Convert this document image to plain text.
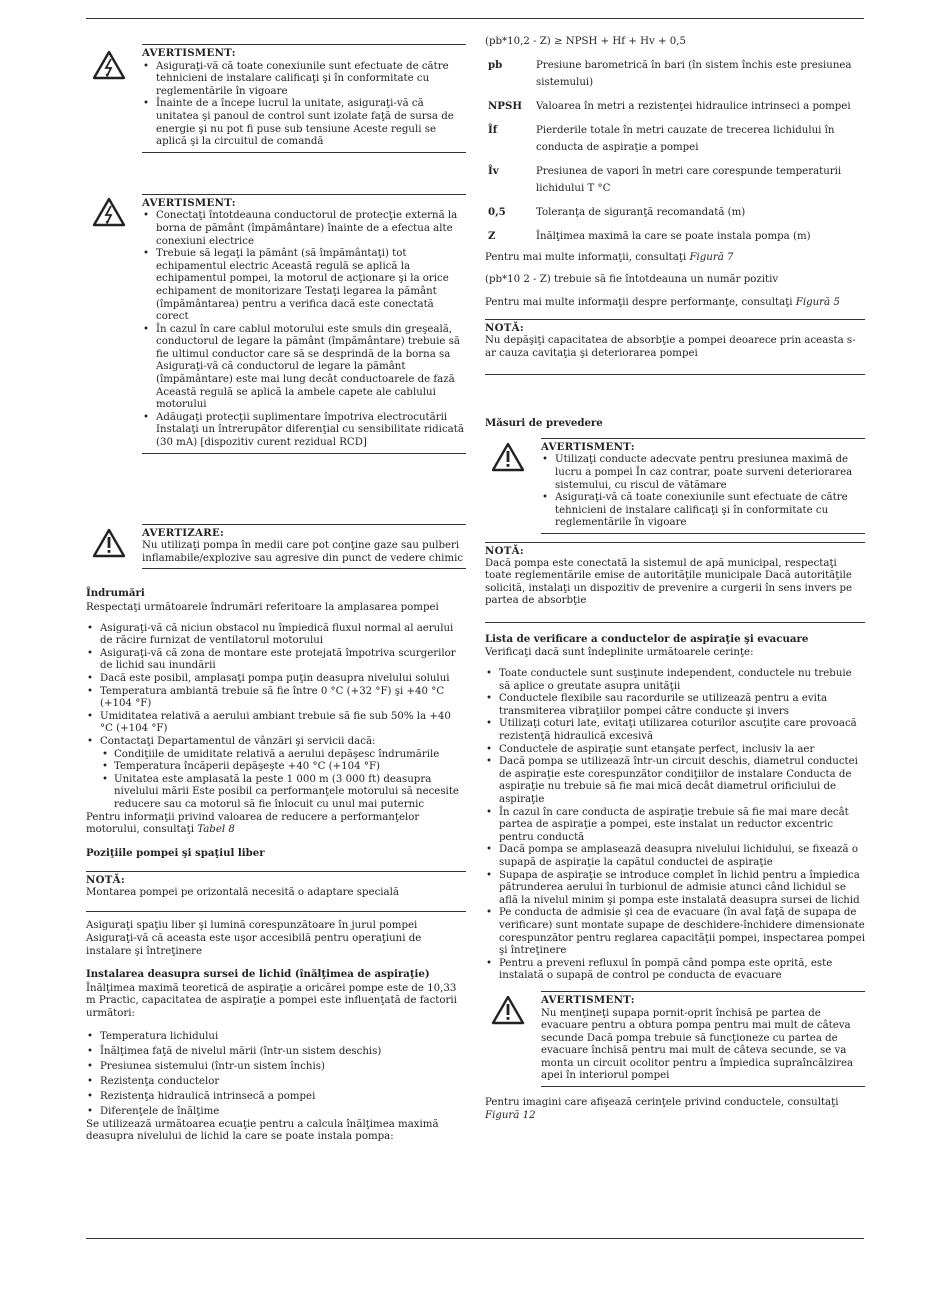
AVERTISMENT:
• Asiguraţi-vă că toate conexiunile sunt efectuate de către tehnicieni de instalare calificaţi şi în conformitate cu reglementările în vigoare
• Înainte de a începe lucrul la unitate, asiguraţi-vă că unitatea şi panoul de control sunt izolate faţă de sursa de energie şi nu pot fi puse sub tensiune Aceste reguli se aplică şi la circuitul de comandă
AVERTISMENT:
• Conectaţi întotdeauna conductorul de protecţie externă la borna de pământ (împământare) înainte de a efectua alte conexiuni electrice
• Trebuie să legaţi la pământ (să împământaţi) tot echipamentul electric Această regulă se aplică la echipamentul pompei, la motorul de acţionare şi la orice echipament de monitorizare Testaţi legarea la pământ (împământarea) pentru a verifica dacă este conectată corect
• În cazul în care cablul motorului este smuls din greşeală, conductorul de legare la pământ (împământare) trebuie să fie ultimul conductor care să se desprindă de la borna sa Asiguraţi-vă că conductorul de legare la pământ (împământare) este mai lung decât conductoarele de fază Această regulă se aplică la ambele capete ale cablului motorului
• Adăugaţi protecţii suplimentare împotriva electrocutării Instalaţi un întrerupător diferenţial cu sensibilitate ridicată (30 mA) [dispozitiv curent rezidual RCD]
AVERTIZARE:

Nu utilizaţi pompa în medii care pot conţine gaze sau pulberi inflamabile/explozive sau agresive din punct de vedere chimic

Îndrumări

Respectaţi următoarele îndrumări referitoare la amplasarea pompei

• Asiguraţi-vă că niciun obstacol nu împiedică fluxul normal al aerului de răcire furnizat de ventilatorul motorului
• Asiguraţi-vă că zona de montare este protejată împotriva scurgerilor de lichid sau inundării
• Dacă este posibil, amplasaţi pompa puţin deasupra nivelului solului
• Temperatura ambiantă trebuie să fie între 0 °C (+32 °F) şi +40 °C (+104 °F)
• Umiditatea relativă a aerului ambiant trebuie să fie sub 50% la +40 °C (+104 °F)
• Contactaţi Departamentul de vânzări şi servicii dacă:
• Condiţiile de umiditate relativă a aerului depăşesc îndrumările
• Temperatura încăperii depăşeşte +40 °C (+104 °F)
• Unitatea este amplasată la peste 1 000 m (3 000 ft) deasupra nivelului mării Este posibil ca performanţele motorului să necesite reducere sau ca motorul să fie înlocuit cu unul mai puternic

Pentru informaţii privind valoarea de reducere a performanţelor motorului, consultaţi Tabel 8

Poziţiile pompei şi spaţiul liber
NOTĂ:

Montarea pompei pe orizontală necesită o adaptare specială

Asiguraţi spaţiu liber şi lumină corespunzătoare în jurul pompei Asiguraţi-vă că aceasta este uşor accesibilă pentru operaţiuni de instalare şi întreţinere

Instalarea deasupra sursei de lichid (înălţimea de aspiraţie)

Înălţimea maximă teoretică de aspiraţie a oricărei pompe este de 10,33 m Practic, capacitatea de aspiraţie a pompei este influenţată de factorii următori:

• Temperatura lichidului
• Înălţimea faţă de nivelul mării (într-un sistem deschis)
• Presiunea sistemului (într-un sistem închis)
• Rezistenţa conductelor
• Rezistenţa hidraulică intrinsecă a pompei
• Diferenţele de înălţime

Se utilizează următoarea ecuaţie pentru a calcula înălţimea maximă deasupra nivelului de lichid la care se poate instala pompa:

(pb*10,2 - Z) ≥ NPSH + Hf + Hv + 0,5

pb	Presiune barometrică în bari (în sistem închis este presiunea sistemului)
NPSH	Valoarea în metri a rezistenţei hidraulice intrinseci a pompei
Îf	Pierderile totale în metri cauzate de trecerea lichidului în conducta de aspiraţie a pompei
Îv	Presiunea de vapori în metri care corespunde temperaturii lichidului T °C
0,5	Toleranţa de siguranţă recomandată (m)
Z	Înălţimea maximă la care se poate instala pompa (m)

Pentru mai multe informaţii, consultaţi Figură 7

(pb*10 2 - Z) trebuie să fie întotdeauna un număr pozitiv

Pentru mai multe informaţii despre performanţe, consultaţi Figură 5

NOTĂ:

Nu depăşiţi capacitatea de absorbţie a pompei deoarece prin aceasta s-ar cauza cavitaţia şi deteriorarea pompei

Măsuri de prevedere
AVERTISMENT:
• Utilizaţi conducte adecvate pentru presiunea maximă de lucru a pompei În caz contrar, poate surveni deteriorarea sistemului, cu riscul de vătămare
• Asiguraţi-vă că toate conexiunile sunt efectuate de către tehnicieni de instalare calificaţi şi în conformitate cu reglementările în vigoare
NOTĂ:

Dacă pompa este conectată la sistemul de apă municipal, respectaţi toate reglementările emise de autorităţile municipale Dacă autorităţile solicită, instalaţi un dispozitiv de prevenire a curgerii în sens invers pe partea de absorbţie

Lista de verificare a conductelor de aspiraţie şi evacuare

Verificaţi dacă sunt îndeplinite următoarele cerinţe:

• Toate conductele sunt susţinute independent, conductele nu trebuie să aplice o greutate asupra unităţii
• Conductele flexibile sau racordurile se utilizează pentru a evita transmiterea vibraţiilor pompei către conducte şi invers
• Utilizaţi coturi late, evitaţi utilizarea coturilor ascuţite care provoacă rezistenţă hidraulică excesivă
• Conductele de aspiraţie sunt etanşate perfect, inclusiv la aer
• Dacă pompa se utilizează într-un circuit deschis, diametrul conductei de aspiraţie este corespunzător condiţiilor de instalare Conducta de aspiraţie nu trebuie să fie mai mică decât diametrul orificiului de aspiraţie
• În cazul în care conducta de aspiraţie trebuie să fie mai mare decât partea de aspiraţie a pompei, este instalat un reductor excentric pentru conductă
• Dacă pompa se amplasează deasupra nivelului lichidului, se fixează o supapă de aspiraţie la capătul conductei de aspiraţie
• Supapa de aspiraţie se introduce complet în lichid pentru a împiedica pătrunderea aerului în turbionul de admisie atunci când lichidul se află la nivelul minim şi pompa este instalată deasupra sursei de lichid
• Pe conducta de admisie şi cea de evacuare (în aval faţă de supapa de verificare) sunt montate supape de deschidere-închidere dimensionate corespunzător pentru reglarea capacităţii pompei, inspectarea pompei şi întreţinere
• Pentru a preveni refluxul în pompă când pompa este oprită, este instalată o supapă de control pe conducta de evacuare
AVERTISMENT:

Nu menţineţi supapa pornit-oprit închisă pe partea de evacuare pentru a obtura pompa pentru mai mult de câteva secunde Dacă pompa trebuie să funcţioneze cu partea de evacuare închisă pentru mai mult de câteva secunde, se va monta un circuit ocolitor pentru a împiedica supraîncălzirea apei în interiorul pompei

Pentru imagini care afişează cerinţele privind conductele, consultaţi Figură 12
